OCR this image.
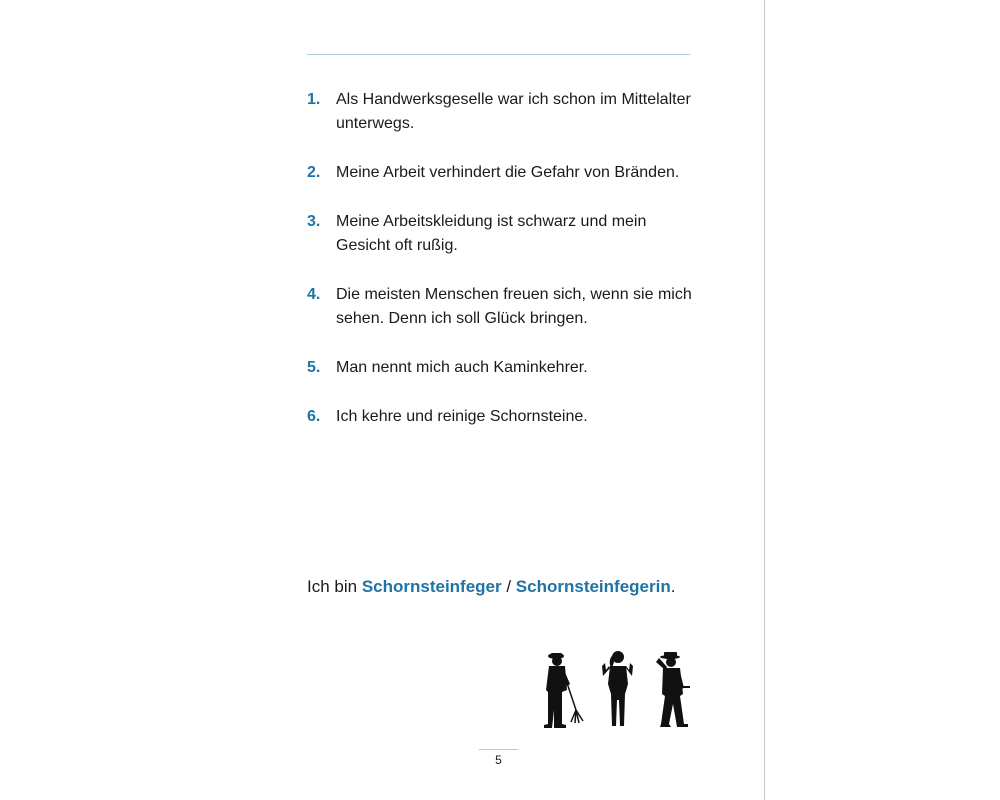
1. Als Handwerksgeselle war ich schon im Mittelalter unterwegs.
2. Meine Arbeit verhindert die Gefahr von Bränden.
3. Meine Arbeitskleidung ist schwarz und mein Gesicht oft rußig.
4. Die meisten Menschen freuen sich, wenn sie mich sehen. Denn ich soll Glück bringen.
5. Man nennt mich auch Kaminkehrer.
6. Ich kehre und reinige Schornsteine.
Ich bin Schornsteinfeger / Schornsteinfegerin.
5
